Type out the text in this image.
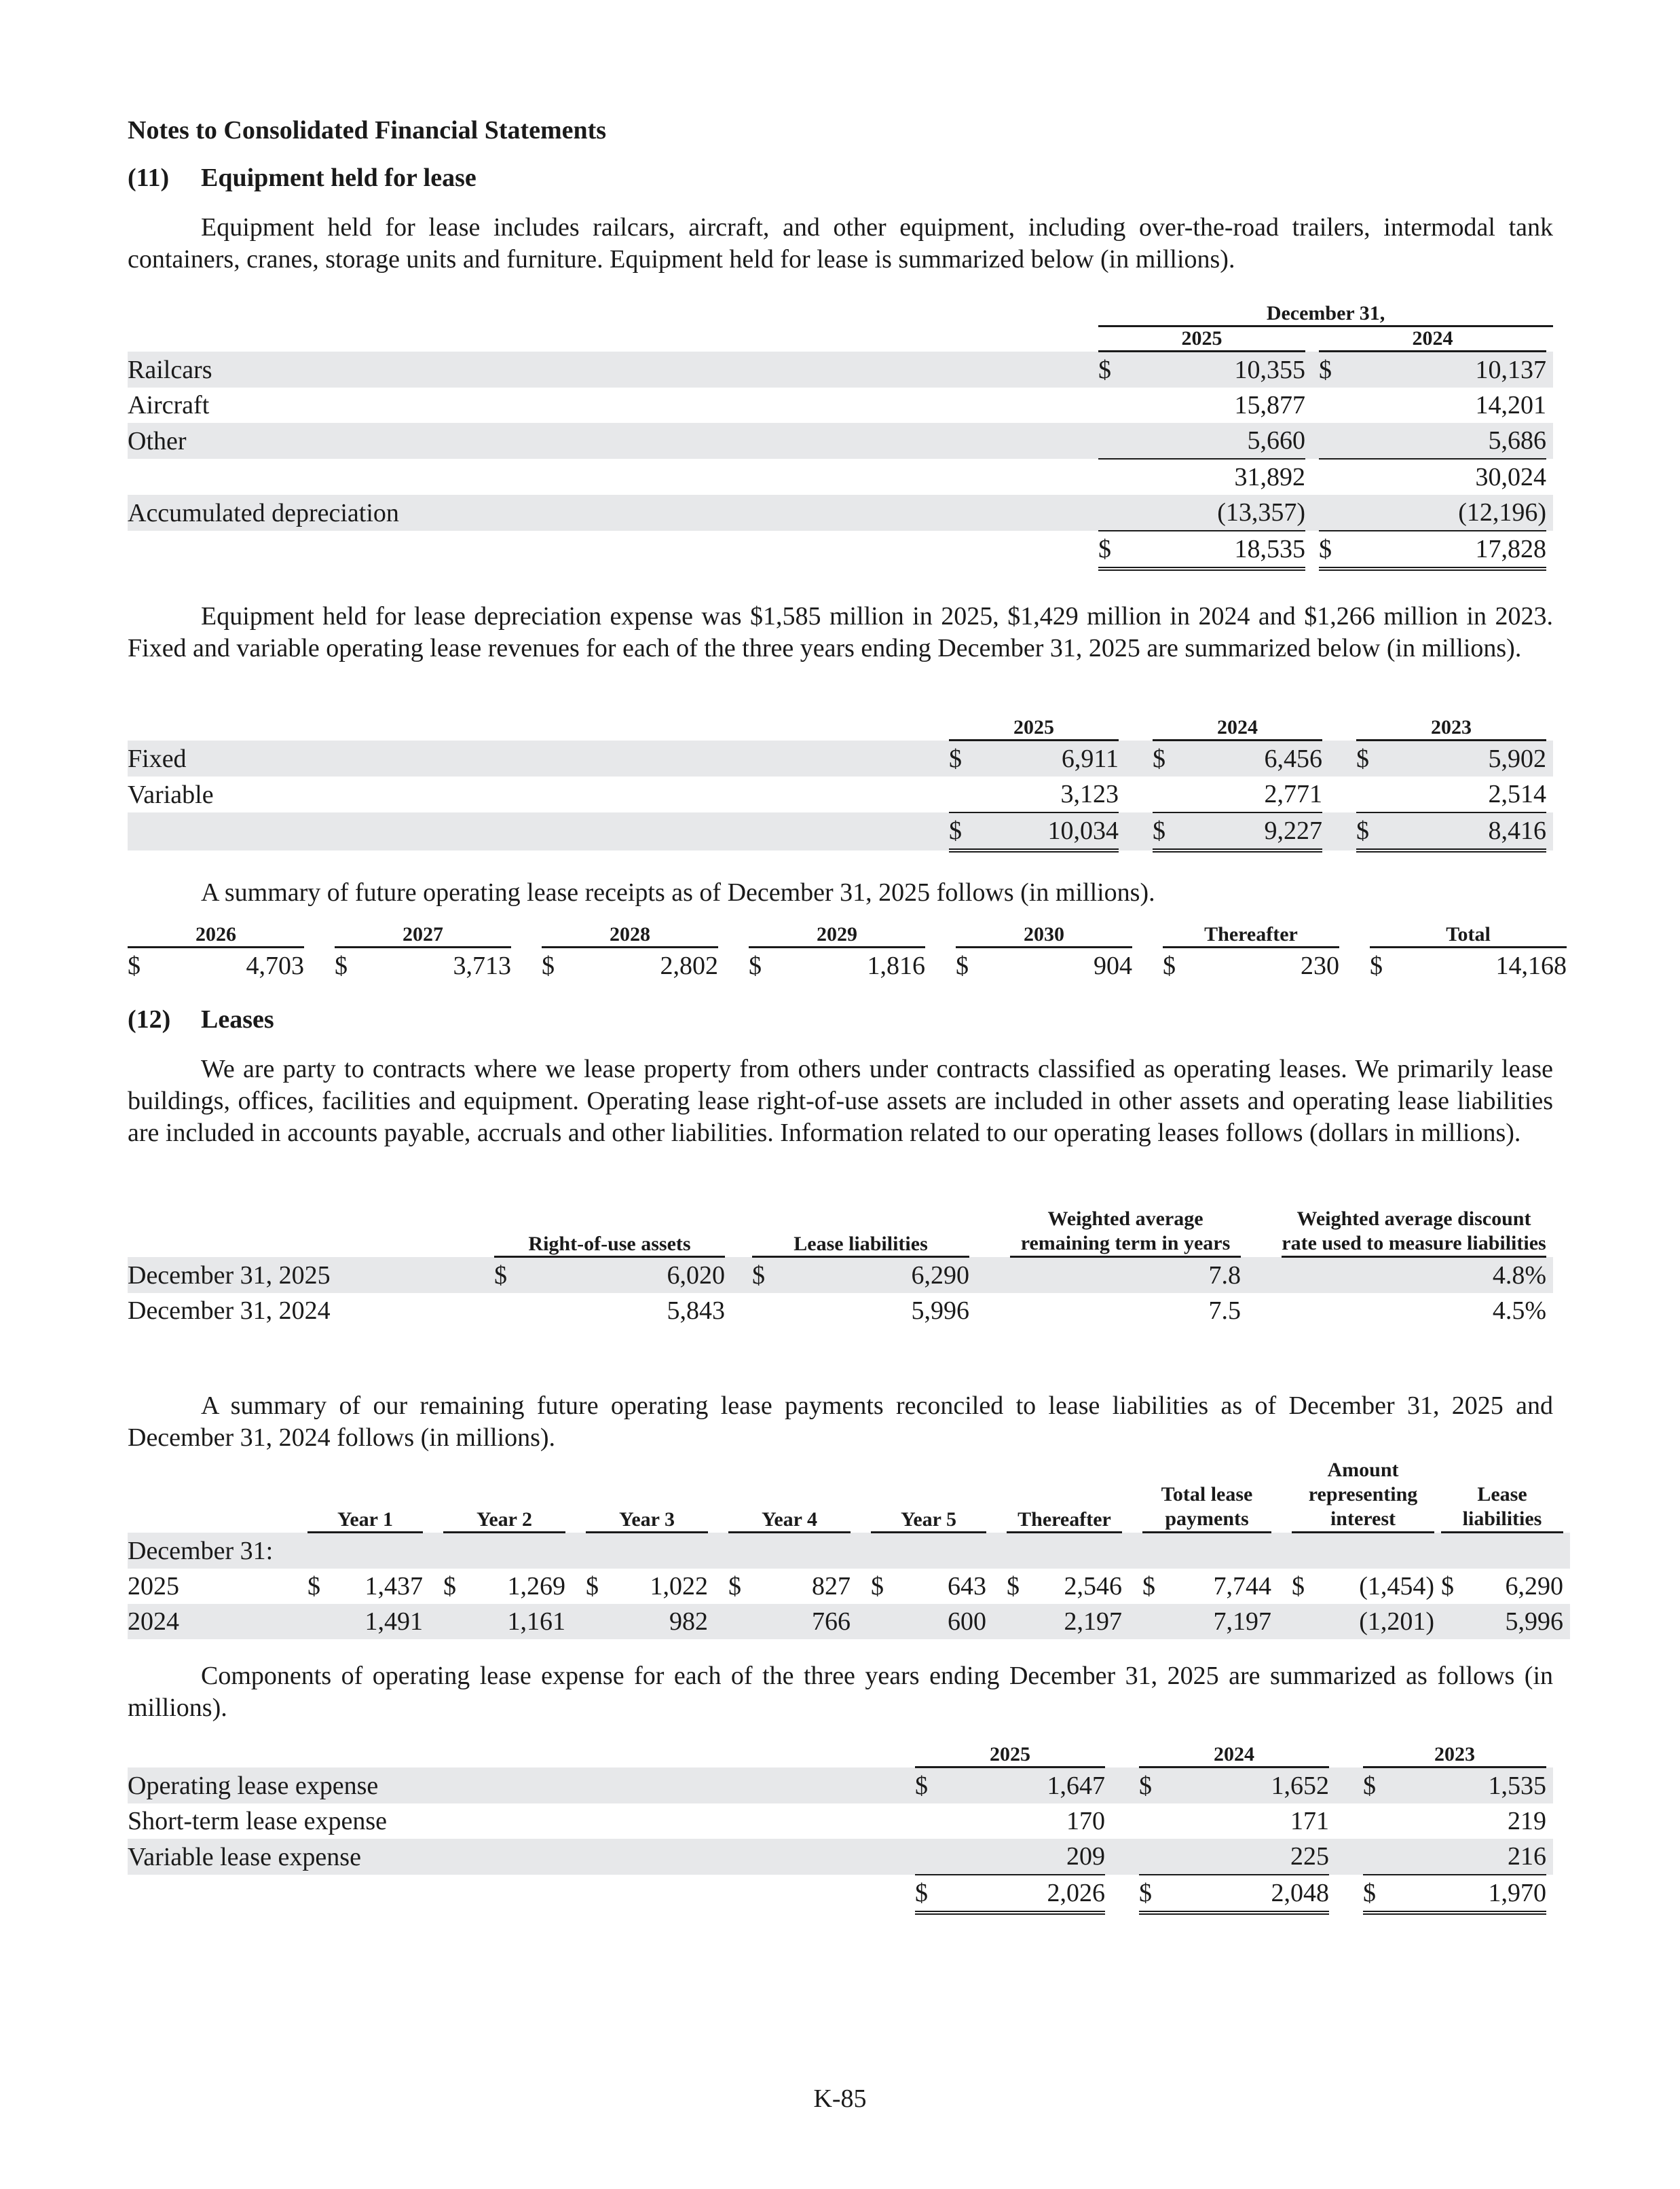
Notes to Consolidated Financial Statements

(11) Equipment held for lease

Equipment held for lease includes railcars, aircraft, and other equipment, including over-the-road trailers, intermodal tank containers, cranes, storage units and furniture. Equipment held for lease is summarized below (in millions).

	December 31,					
	2025			2024		
Railcars	$	10,355		$	10,137	
Aircraft		15,877			14,201	
Other		5,660			5,686	
		31,892			30,024	
Accumulated depreciation		(13,357)			(12,196)	
	$	18,535		$	17,828	

Equipment held for lease depreciation expense was $1,585 million in 2025, $1,429 million in 2024 and $1,266 million in 2023. Fixed and variable operating lease revenues for each of the three years ending December 31, 2025 are summarized below (in millions).

	2025			2024			2023		
Fixed	$	6,911		$	6,456		$	5,902	
Variable		3,123			2,771			2,514	
	$	10,034		$	9,227		$	8,416	

A summary of future operating lease receipts as of December 31, 2025 follows (in millions).

2026			2027			2028			2029			2030			Thereafter			Total		
$	4,703		$	3,713		$	2,802		$	1,816		$	904		$	230		$	14,168	

(12) Leases

We are party to contracts where we lease property from others under contracts classified as operating leases. We primarily lease buildings, offices, facilities and equipment. Operating lease right-of-use assets are included in other assets and operating lease liabilities are included in accounts payable, accruals and other liabilities. Information related to our operating leases follows (dollars in millions).

	Right-of-use assets			Lease liabilities			Weighted average remaining term in years		Weighted average discount rate used to measure liabilities	
December 31, 2025	$	6,020		$	6,290		7.8		4.8%	
December 31, 2024		5,843			5,996		7.5		4.5%	

A summary of our remaining future operating lease payments reconciled to lease liabilities as of December 31, 2025 and December 31, 2024 follows (in millions).

	Year 1			Year 2			Year 3			Year 4			Year 5			Thereafter			Total lease payments			Amount representing interest			Lease liabilities		
December 31:																											
2025	$	1,437		$	1,269		$	1,022		$	827		$	643		$	2,546		$	7,744		$	(1,454)		$	6,290	
2024		1,491			1,161			982			766			600			2,197			7,197			(1,201)			5,996	

Components of operating lease expense for each of the three years ending December 31, 2025 are summarized as follows (in millions).

	2025			2024			2023		
Operating lease expense	$	1,647		$	1,652		$	1,535	
Short-term lease expense		170			171			219	
Variable lease expense		209			225			216	
	$	2,026		$	2,048		$	1,970	
K-85
